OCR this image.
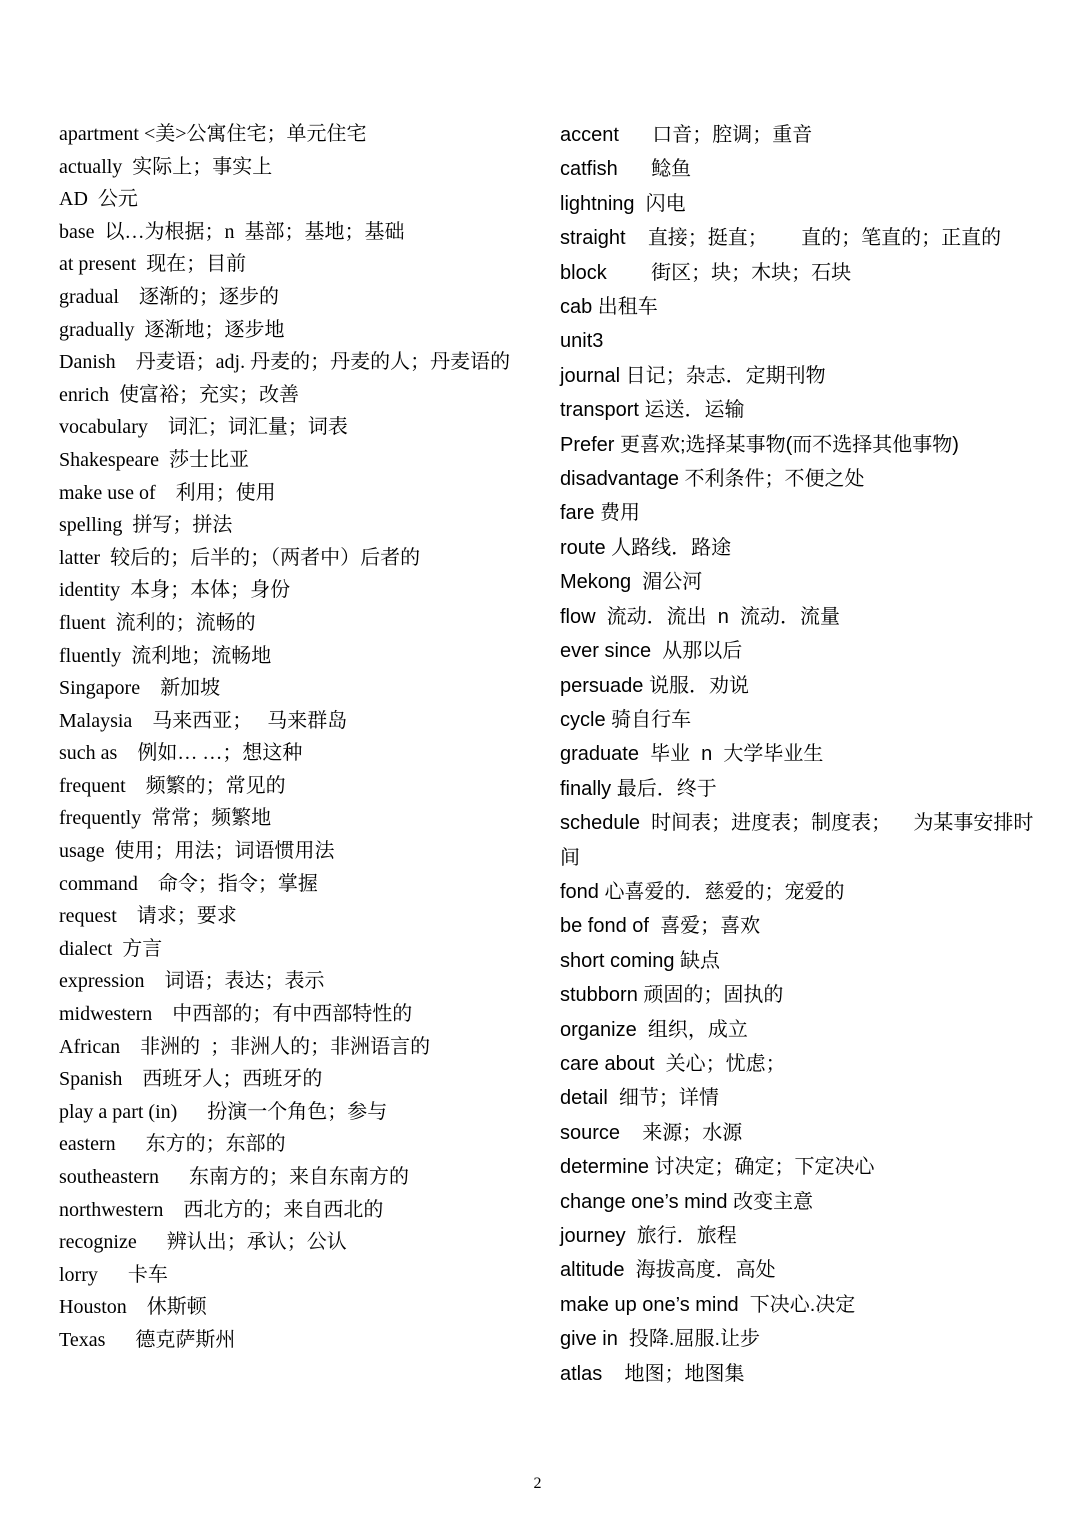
apartment <美>公寓住宅；单元住宅

actually  实际上；事实上

AD  公元

base  以…为根据；n  基部；基地；基础

at present  现在；目前

gradual    逐渐的；逐步的

gradually  逐渐地；逐步地

Danish    丹麦语；adj. 丹麦的；丹麦的人；丹麦语的

enrich  使富裕；充实；改善

vocabulary    词汇；词汇量；词表

Shakespeare  莎士比亚

make use of    利用；使用

spelling  拼写；拼法

latter  较后的；后半的；（两者中）后者的

identity  本身；本体；身份

fluent  流利的；流畅的

fluently  流利地；流畅地

Singapore    新加坡

Malaysia    马来西亚；   马来群岛

such as    例如… …；想这种

frequent    频繁的；常见的

frequently  常常；频繁地

usage  使用；用法；词语惯用法

command    命令；指令；掌握

request    请求；要求

dialect  方言

expression    词语；表达；表示

midwestern    中西部的；有中西部特性的

African    非洲的  ；非洲人的；非洲语言的

Spanish    西班牙人；西班牙的

play a part (in)      扮演一个角色；参与

eastern      东方的；东部的

southeastern      东南方的；来自东南方的

northwestern    西北方的；来自西北的

recognize      辨认出；承认；公认

lorry      卡车

Houston    休斯顿

Texas      德克萨斯州

accent      口音；腔调；重音

catfish      鲶鱼

lightning  闪电

straight    直接；挺直；      直的；笔直的；正直的

block        街区；块；木块；石块

cab 出租车

unit3

journal 日记；杂志．定期刊物

transport 运送．运输

Prefer 更喜欢;选择某事物(而不选择其他事物)

disadvantage 不利条件；不便之处

fare 费用

route 人路线．路途

Mekong  湄公河

flow  流动．流出  n  流动．流量

ever since  从那以后

persuade 说服．劝说

cycle 骑自行车

graduate  毕业  n  大学毕业生

finally 最后．终于

schedule  时间表；进度表；制度表；    为某事安排时间

fond 心喜爱的．慈爱的；宠爱的

be fond of  喜爱；喜欢

short coming 缺点

stubborn 顽固的；固执的

organize  组织，成立

care about  关心；忧虑；

detail  细节；详情

source    来源；水源

determine 讨决定；确定；下定决心

change one’s mind 改变主意

journey  旅行．旅程

altitude  海拔高度．高处

make up one’s mind  下决心.决定

give in  投降.屈服.让步

atlas    地图；地图集

2
